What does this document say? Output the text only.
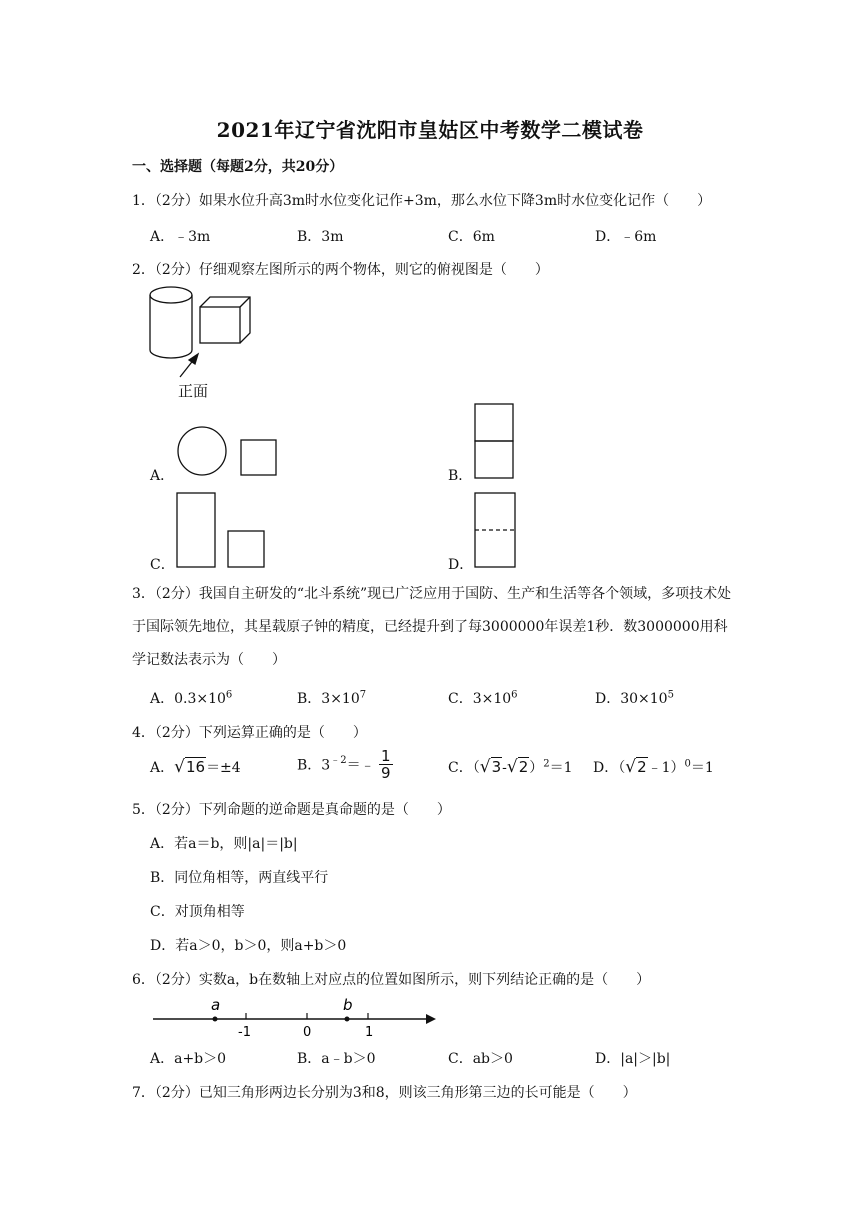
2021年辽宁省沈阳市皇姑区中考数学二模试卷
一、选择题（每题2分，共20分）
1．（2分）如果水位升高3m时水位变化记作+3m，那么水位下降3m时水位变化记作（　　）
A．﹣3m	B．3m	C．6m	D．﹣6m
2．（2分）仔细观察左图所示的两个物体，则它的俯视图是（　　）
正面
A．	B．
C．	D．
3．（2分）我国自主研发的“北斗系统”现已广泛应用于国防、生产和生活等各个领域，多项技术处于国际领先地位，其星载原子钟的精度，已经提升到了每3000000年误差1秒．数3000000用科学记数法表示为（　　）
A．$0.3\times 10^6$	B．$3\times 10^7$	C．$3\times 10^6$	D．$30\times 10^5$
4．（2分）下列运算正确的是（　　）
A．√16＝±4	B．$3^{﹣2}=﹣ \frac{1}{9}$	C．$(√3-√2)^2=1$ D．（√2﹣1）$^0$＝1
5．（2分）下列命题的逆命题是真命题的是（　　）
A．若a＝b，则|a|＝|b|
B．同位角相等，两直线平行
C．对顶角相等
D．若a＞0，b＞0，则a+b＞0
6．（2分）实数a，b在数轴上对应点的位置如图所示，则下列结论正确的是（　　）
a	b
-1	0	1
A．a+b＞0	B．a﹣b＞0	C．ab＞0	D．|a|＞|b|
7．（2分）已知三角形两边长分别为3和8，则该三角形第三边的长可能是（　　）
